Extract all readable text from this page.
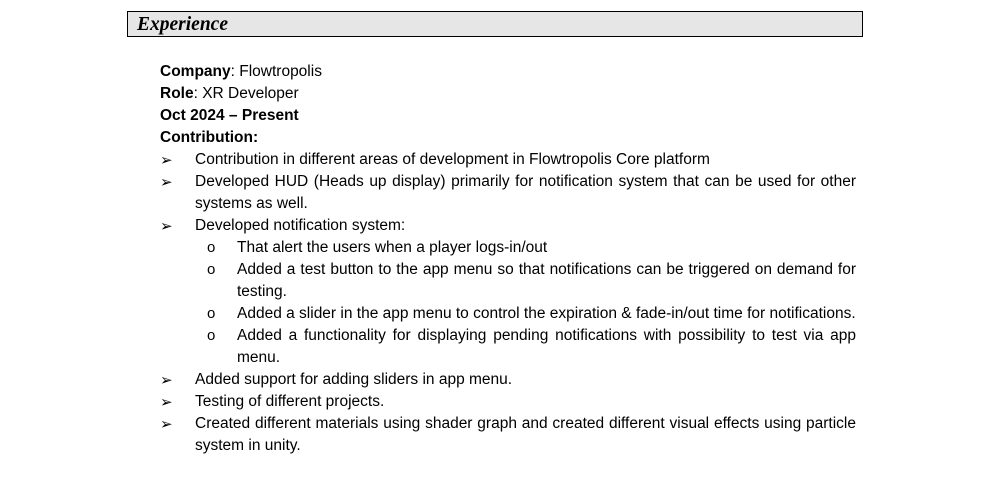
Experience
Company: Flowtropolis
Role: XR Developer
Oct 2024 – Present
Contribution:
➢	Contribution in different areas of development in Flowtropolis Core platform
➢	Developed HUD (Heads up display) primarily for notification system that can be used for other systems as well.
➢	Developed notification system:
o	That alert the users when a player logs-in/out
o	Added a test button to the app menu so that notifications can be triggered on demand for testing.
o	Added a slider in the app menu to control the expiration & fade-in/out time for notifications.
o	Added a functionality for displaying pending notifications with possibility to test via app menu.
➢	Added support for adding sliders in app menu.
➢	Testing of different projects.
➢	Created different materials using shader graph and created different visual effects using particle system in unity.
